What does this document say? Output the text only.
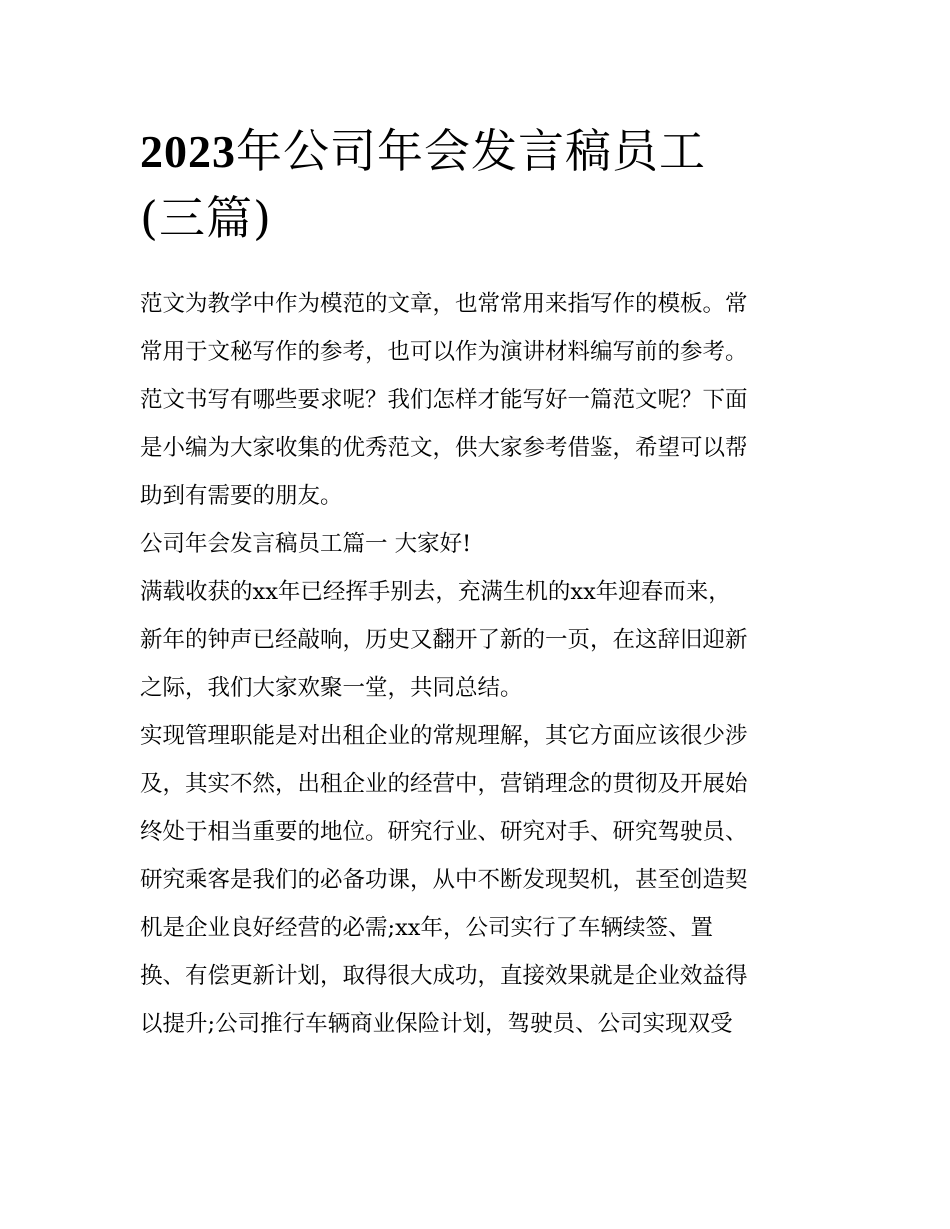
2023年公司年会发言稿员工
(三篇)

范文为教学中作为模范的文章，也常常用来指写作的模板。常
常用于文秘写作的参考，也可以作为演讲材料编写前的参考。
范文书写有哪些要求呢？我们怎样才能写好一篇范文呢？下面
是小编为大家收集的优秀范文，供大家参考借鉴，希望可以帮
助到有需要的朋友。

公司年会发言稿员工篇一 大家好!

满载收获的xx年已经挥手别去，充满生机的xx年迎春而来，
新年的钟声已经敲响，历史又翻开了新的一页，在这辞旧迎新
之际，我们大家欢聚一堂，共同总结。

实现管理职能是对出租企业的常规理解，其它方面应该很少涉
及，其实不然，出租企业的经营中，营销理念的贯彻及开展始
终处于相当重要的地位。研究行业、研究对手、研究驾驶员、
研究乘客是我们的必备功课，从中不断发现契机，甚至创造契
机是企业良好经营的必需;xx年，公司实行了车辆续签、置
换、有偿更新计划，取得很大成功，直接效果就是企业效益得
以提升;公司推行车辆商业保险计划，驾驶员、公司实现双受
